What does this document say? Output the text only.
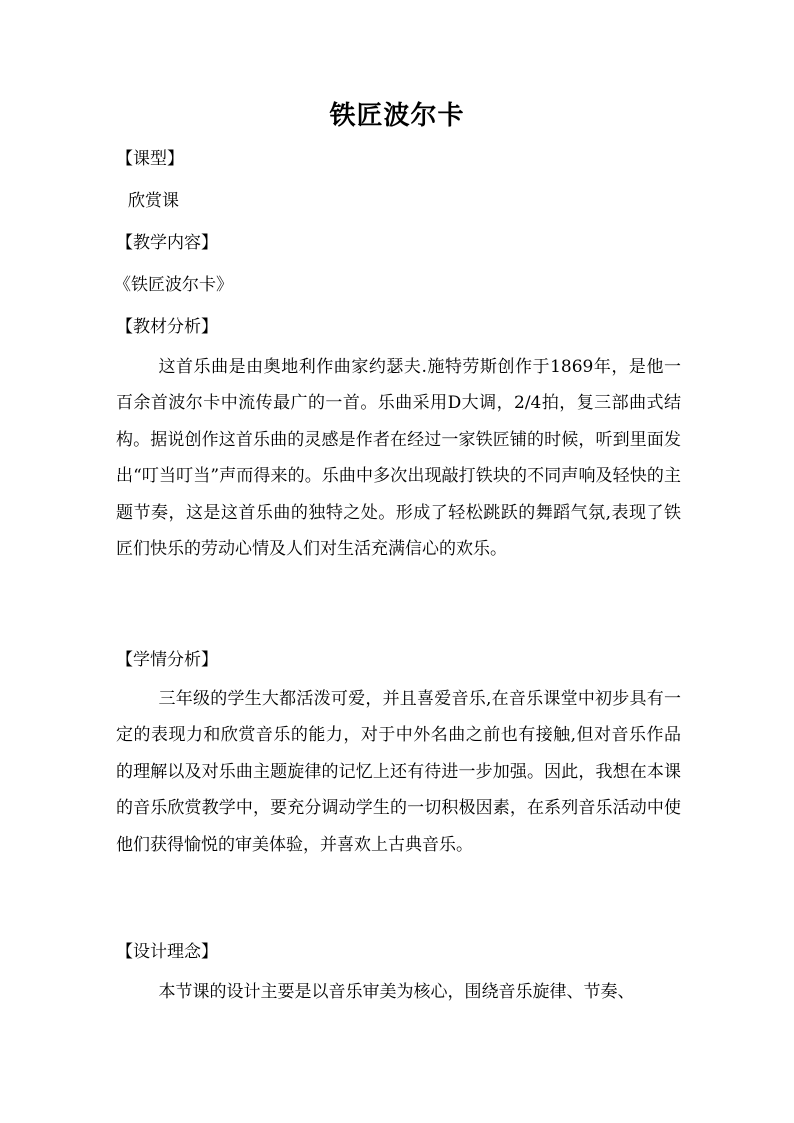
铁匠波尔卡
【课型】
欣赏课
【教学内容】
《铁匠波尔卡》
【教材分析】
这首乐曲是由奥地利作曲家约瑟夫.施特劳斯创作于1869年，是他一百余首波尔卡中流传最广的一首。乐曲采用D大调，2/4拍，复三部曲式结构。据说创作这首乐曲的灵感是作者在经过一家铁匠铺的时候，听到里面发出“叮当叮当”声而得来的。乐曲中多次出现敲打铁块的不同声响及轻快的主题节奏，这是这首乐曲的独特之处。形成了轻松跳跃的舞蹈气氛,表现了铁匠们快乐的劳动心情及人们对生活充满信心的欢乐。
【学情分析】
三年级的学生大都活泼可爱，并且喜爱音乐,在音乐课堂中初步具有一定的表现力和欣赏音乐的能力，对于中外名曲之前也有接触,但对音乐作品的理解以及对乐曲主题旋律的记忆上还有待进一步加强。因此，我想在本课的音乐欣赏教学中，要充分调动学生的一切积极因素，在系列音乐活动中使他们获得愉悦的审美体验，并喜欢上古典音乐。
【设计理念】
本节课的设计主要是以音乐审美为核心，围绕音乐旋律、节奏、
